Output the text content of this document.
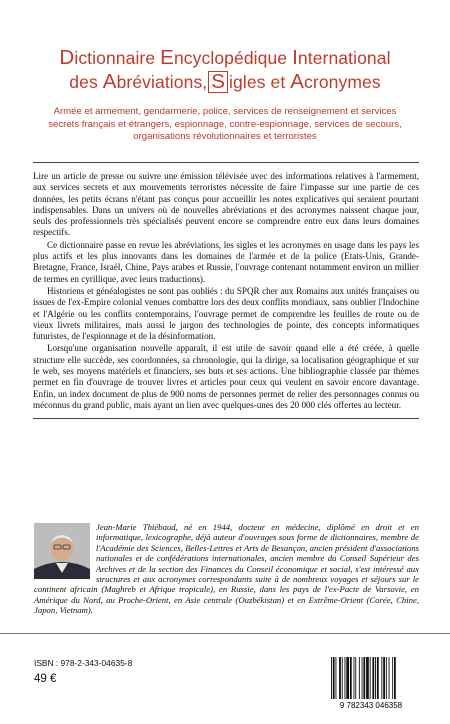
Dictionnaire Encyclopédique International
des Abréviations, S igles et Acronymes
Armée et armement, gendarmerie, police, services de renseignement et services secrets français et étrangers, espionnage, contre-espionnage, services de secours, organisations révolutionnaires et terroristes

Lire un article de presse ou suivre une émission télévisée avec des informations relatives à l'armement, aux services secrets et aux mouvements terroristes nécessite de faire l'impasse sur une partie de ces données, les petits écrans n'étant pas conçus pour accueillir les notes explicatives qui seraient pourtant indispensables. Dans un univers où de nouvelles abréviations et des acronymes naissent chaque jour, seuls des professionnels très spécialisés peuvent encore se comprendre entre eux dans leurs domaines respectifs.

Ce dictionnaire passe en revue les abréviations, les sigles et les acronymes en usage dans les pays les plus actifs et les plus innovants dans les domaines de l'armée et de la police (Etats-Unis, Grande-Bretagne, France, Israël, Chine, Pays arabes et Russie, l'ouvrage contenant notamment environ un millier de termes en cyrillique, avec leurs traductions).

Historiens et généalogistes ne sont pas oubliés : du SPQR cher aux Romains aux unités françaises ou issues de l'ex-Empire colonial venues combattre lors des deux conflits mondiaux, sans oublier l'Indochine et l'Algérie ou les conflits contemporains, l'ouvrage permet de comprendre les feuilles de route ou de vieux livrets militaires, mais aussi le jargon des technologies de pointe, des concepts informatiques futuristes, de l'espionnage et de la désinformation.

Lorsqu'une organisation nouvelle apparaît, il est utile de savoir quand elle a été créée, à quelle structure elle succède, ses coordonnées, sa chronologie, qui la dirige, sa localisation géographique et sur le web, ses moyens matériels et financiers, ses buts et ses actions. Une bibliographie classée par thèmes permet en fin d'ouvrage de trouver livres et articles pour ceux qui veulent en savoir encore davantage. Enfin, un index document de plus de 900 noms de personnes permet de relier des personnages connus ou méconnus du grand public, mais ayant un lien avec quelques-unes des 20 000 clés offertes au lecteur.

Jean-Marie Thiébaud, né en 1944, docteur en médecine, diplômé en droit et en informatique, lexicographe, déjà auteur d'ouvrages sous forme de dictionnaires, membre de l'Académie des Sciences, Belles-Lettres et Arts de Besançon, ancien président d'associations nationales et de confédérations internationales, ancien membre du Conseil Supérieur des Archives et de la section des Finances du Conseil économique et social, s'est intéressé aux structures et aux acronymes correspondants suite à de nombreux voyages et séjours sur le continent africain (Maghreb et Afrique tropicale), en Russie, dans les pays de l'ex-Pacte de Varsovie, en Amérique du Nord, au Proche-Orient, en Asie centrale (Ouzbékistan) et en Extrême-Orient (Corée, Chine, Japon, Vietnam).
ISBN : 978-2-343-04635-8
49 €
9 782343 046358
